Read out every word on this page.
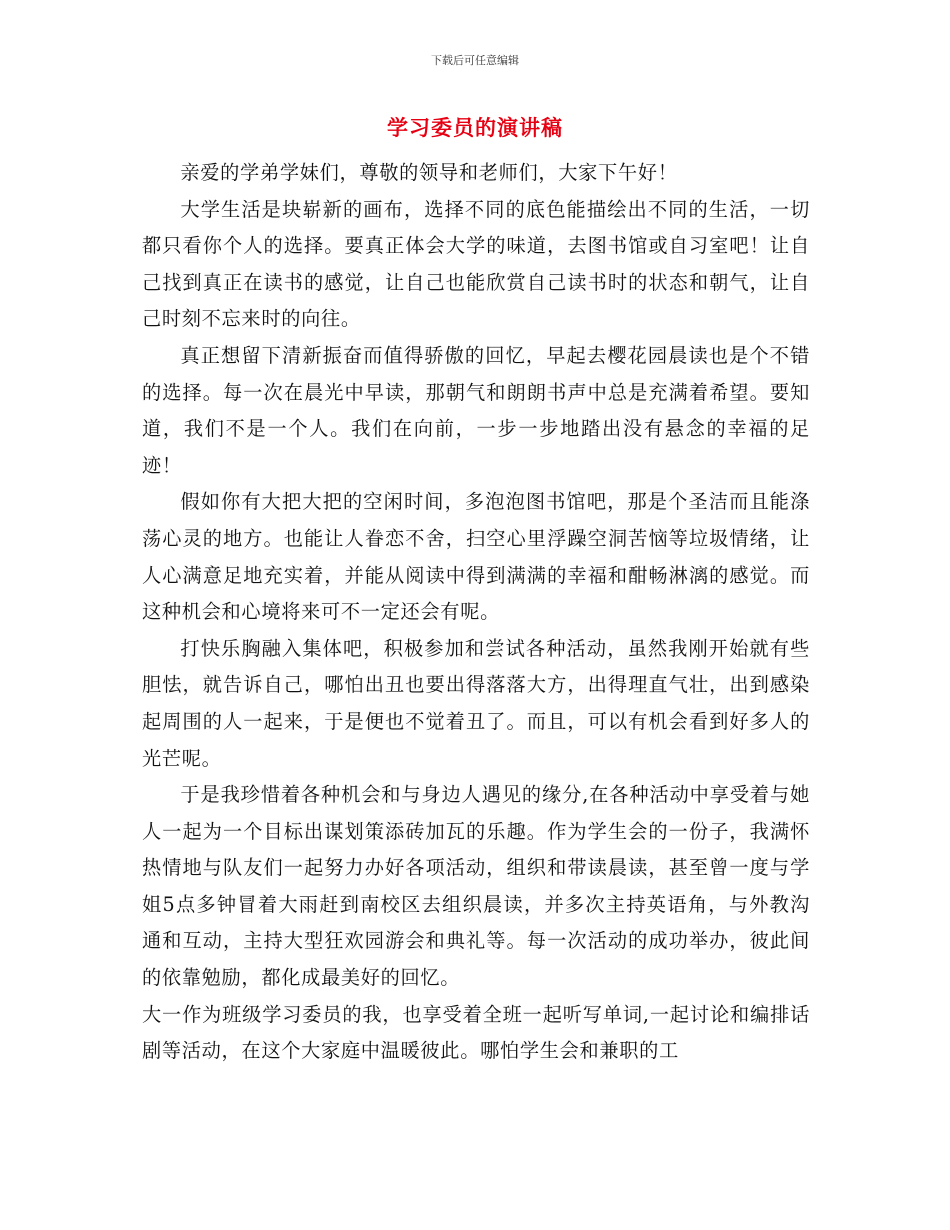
下载后可任意编辑
学习委员的演讲稿

亲爱的学弟学妹们，尊敬的领导和老师们，大家下午好！

大学生活是块崭新的画布，选择不同的底色能描绘出不同的生活，一切都只看你个人的选择。要真正体会大学的味道，去图书馆或自习室吧！让自己找到真正在读书的感觉，让自己也能欣赏自己读书时的状态和朝气，让自己时刻不忘来时的向往。

真正想留下清新振奋而值得骄傲的回忆，早起去樱花园晨读也是个不错的选择。每一次在晨光中早读，那朝气和朗朗书声中总是充满着希望。要知道，我们不是一个人。我们在向前，一步一步地踏出没有悬念的幸福的足迹！

假如你有大把大把的空闲时间，多泡泡图书馆吧，那是个圣洁而且能涤荡心灵的地方。也能让人眷恋不舍，扫空心里浮躁空洞苦恼等垃圾情绪，让人心满意足地充实着，并能从阅读中得到满满的幸福和酣畅淋漓的感觉。而这种机会和心境将来可不一定还会有呢。

打快乐胸融入集体吧，积极参加和尝试各种活动，虽然我刚开始就有些胆怯，就告诉自己，哪怕出丑也要出得落落大方，出得理直气壮，出到感染起周围的人一起来，于是便也不觉着丑了。而且，可以有机会看到好多人的光芒呢。

于是我珍惜着各种机会和与身边人遇见的缘分,在各种活动中享受着与她人一起为一个目标出谋划策添砖加瓦的乐趣。作为学生会的一份子，我满怀热情地与队友们一起努力办好各项活动，组织和带读晨读，甚至曾一度与学姐5点多钟冒着大雨赶到南校区去组织晨读，并多次主持英语角，与外教沟通和互动，主持大型狂欢园游会和典礼等。每一次活动的成功举办，彼此间的依靠勉励，都化成最美好的回忆。

大一作为班级学习委员的我，也享受着全班一起听写单词,一起讨论和编排话剧等活动，在这个大家庭中温暖彼此。哪怕学生会和兼职的工
